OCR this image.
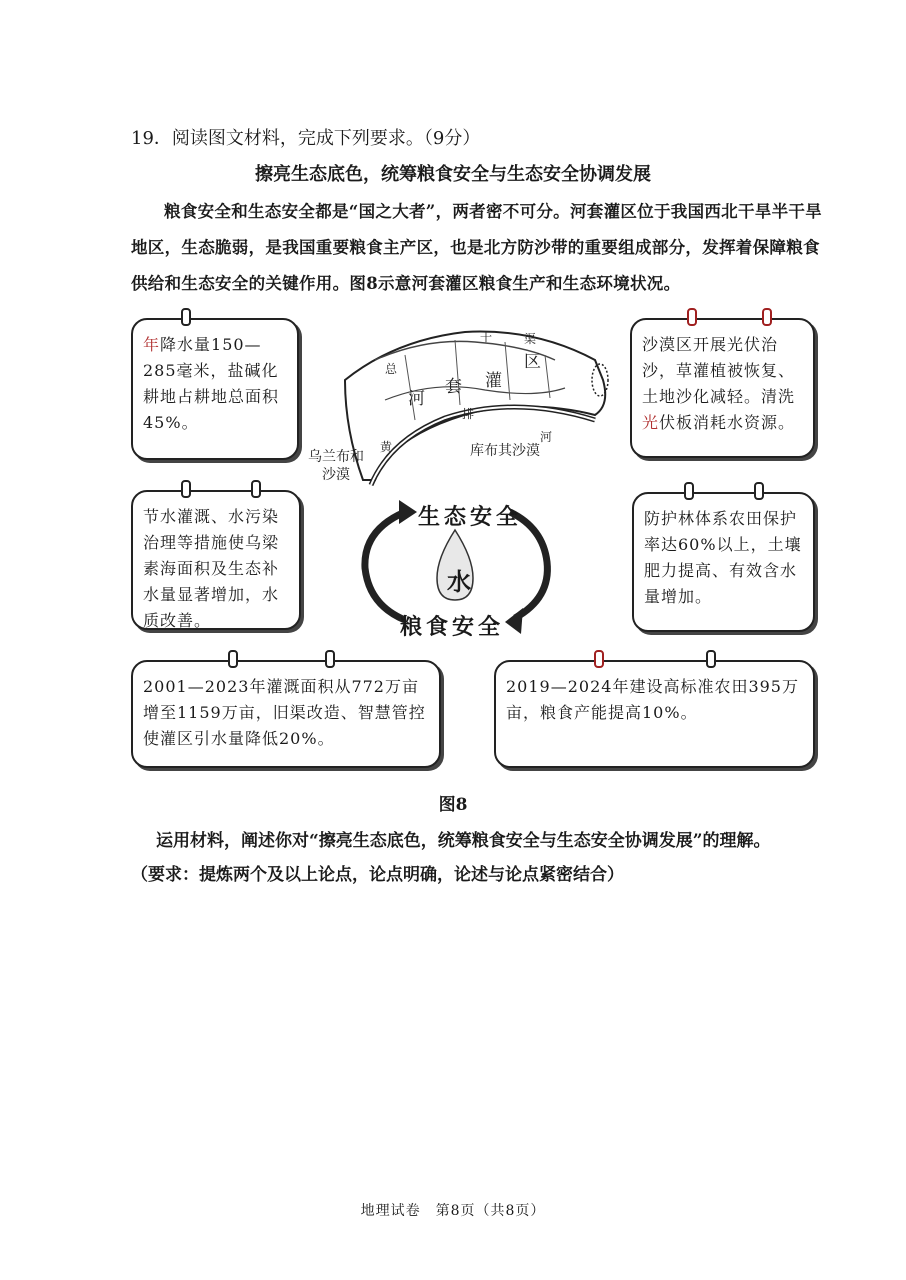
19．阅读图文材料，完成下列要求。（9分）
擦亮生态底色，统筹粮食安全与生态安全协调发展
粮食安全和生态安全都是“国之大者”，两者密不可分。河套灌区位于我国西北干旱半干旱地区，生态脆弱，是我国重要粮食主产区，也是北方防沙带的重要组成部分，发挥着保障粮食供给和生态安全的关键作用。图8示意河套灌区粮食生产和生态环境状况。
年降水量150—285毫米，盐碱化耕地占耕地总面积45%。
沙漠区开展光伏治沙，草灌植被恢复、土地沙化减轻。清洗光伏板消耗水资源。
节水灌溉、水污染治理等措施使乌梁素海面积及生态补水量显著增加，水质改善。
防护林体系农田保护率达60%以上，土壤肥力提高、有效含水量增加。
2001—2023年灌溉面积从772万亩增至1159万亩，旧渠改造、智慧管控使灌区引水量降低20%。
2019—2024年建设高标准农田395万亩，粮食产能提高10%。
河
套 灌
区
干	渠
总
排
黄
河
乌兰布和
沙漠
库布其沙漠
生态安全
水
粮食安全
图8
运用材料，阐述你对“擦亮生态底色，统筹粮食安全与生态安全协调发展”的理解。
（要求：提炼两个及以上论点，论点明确，论述与论点紧密结合）
地理试卷　第8页（共8页）
